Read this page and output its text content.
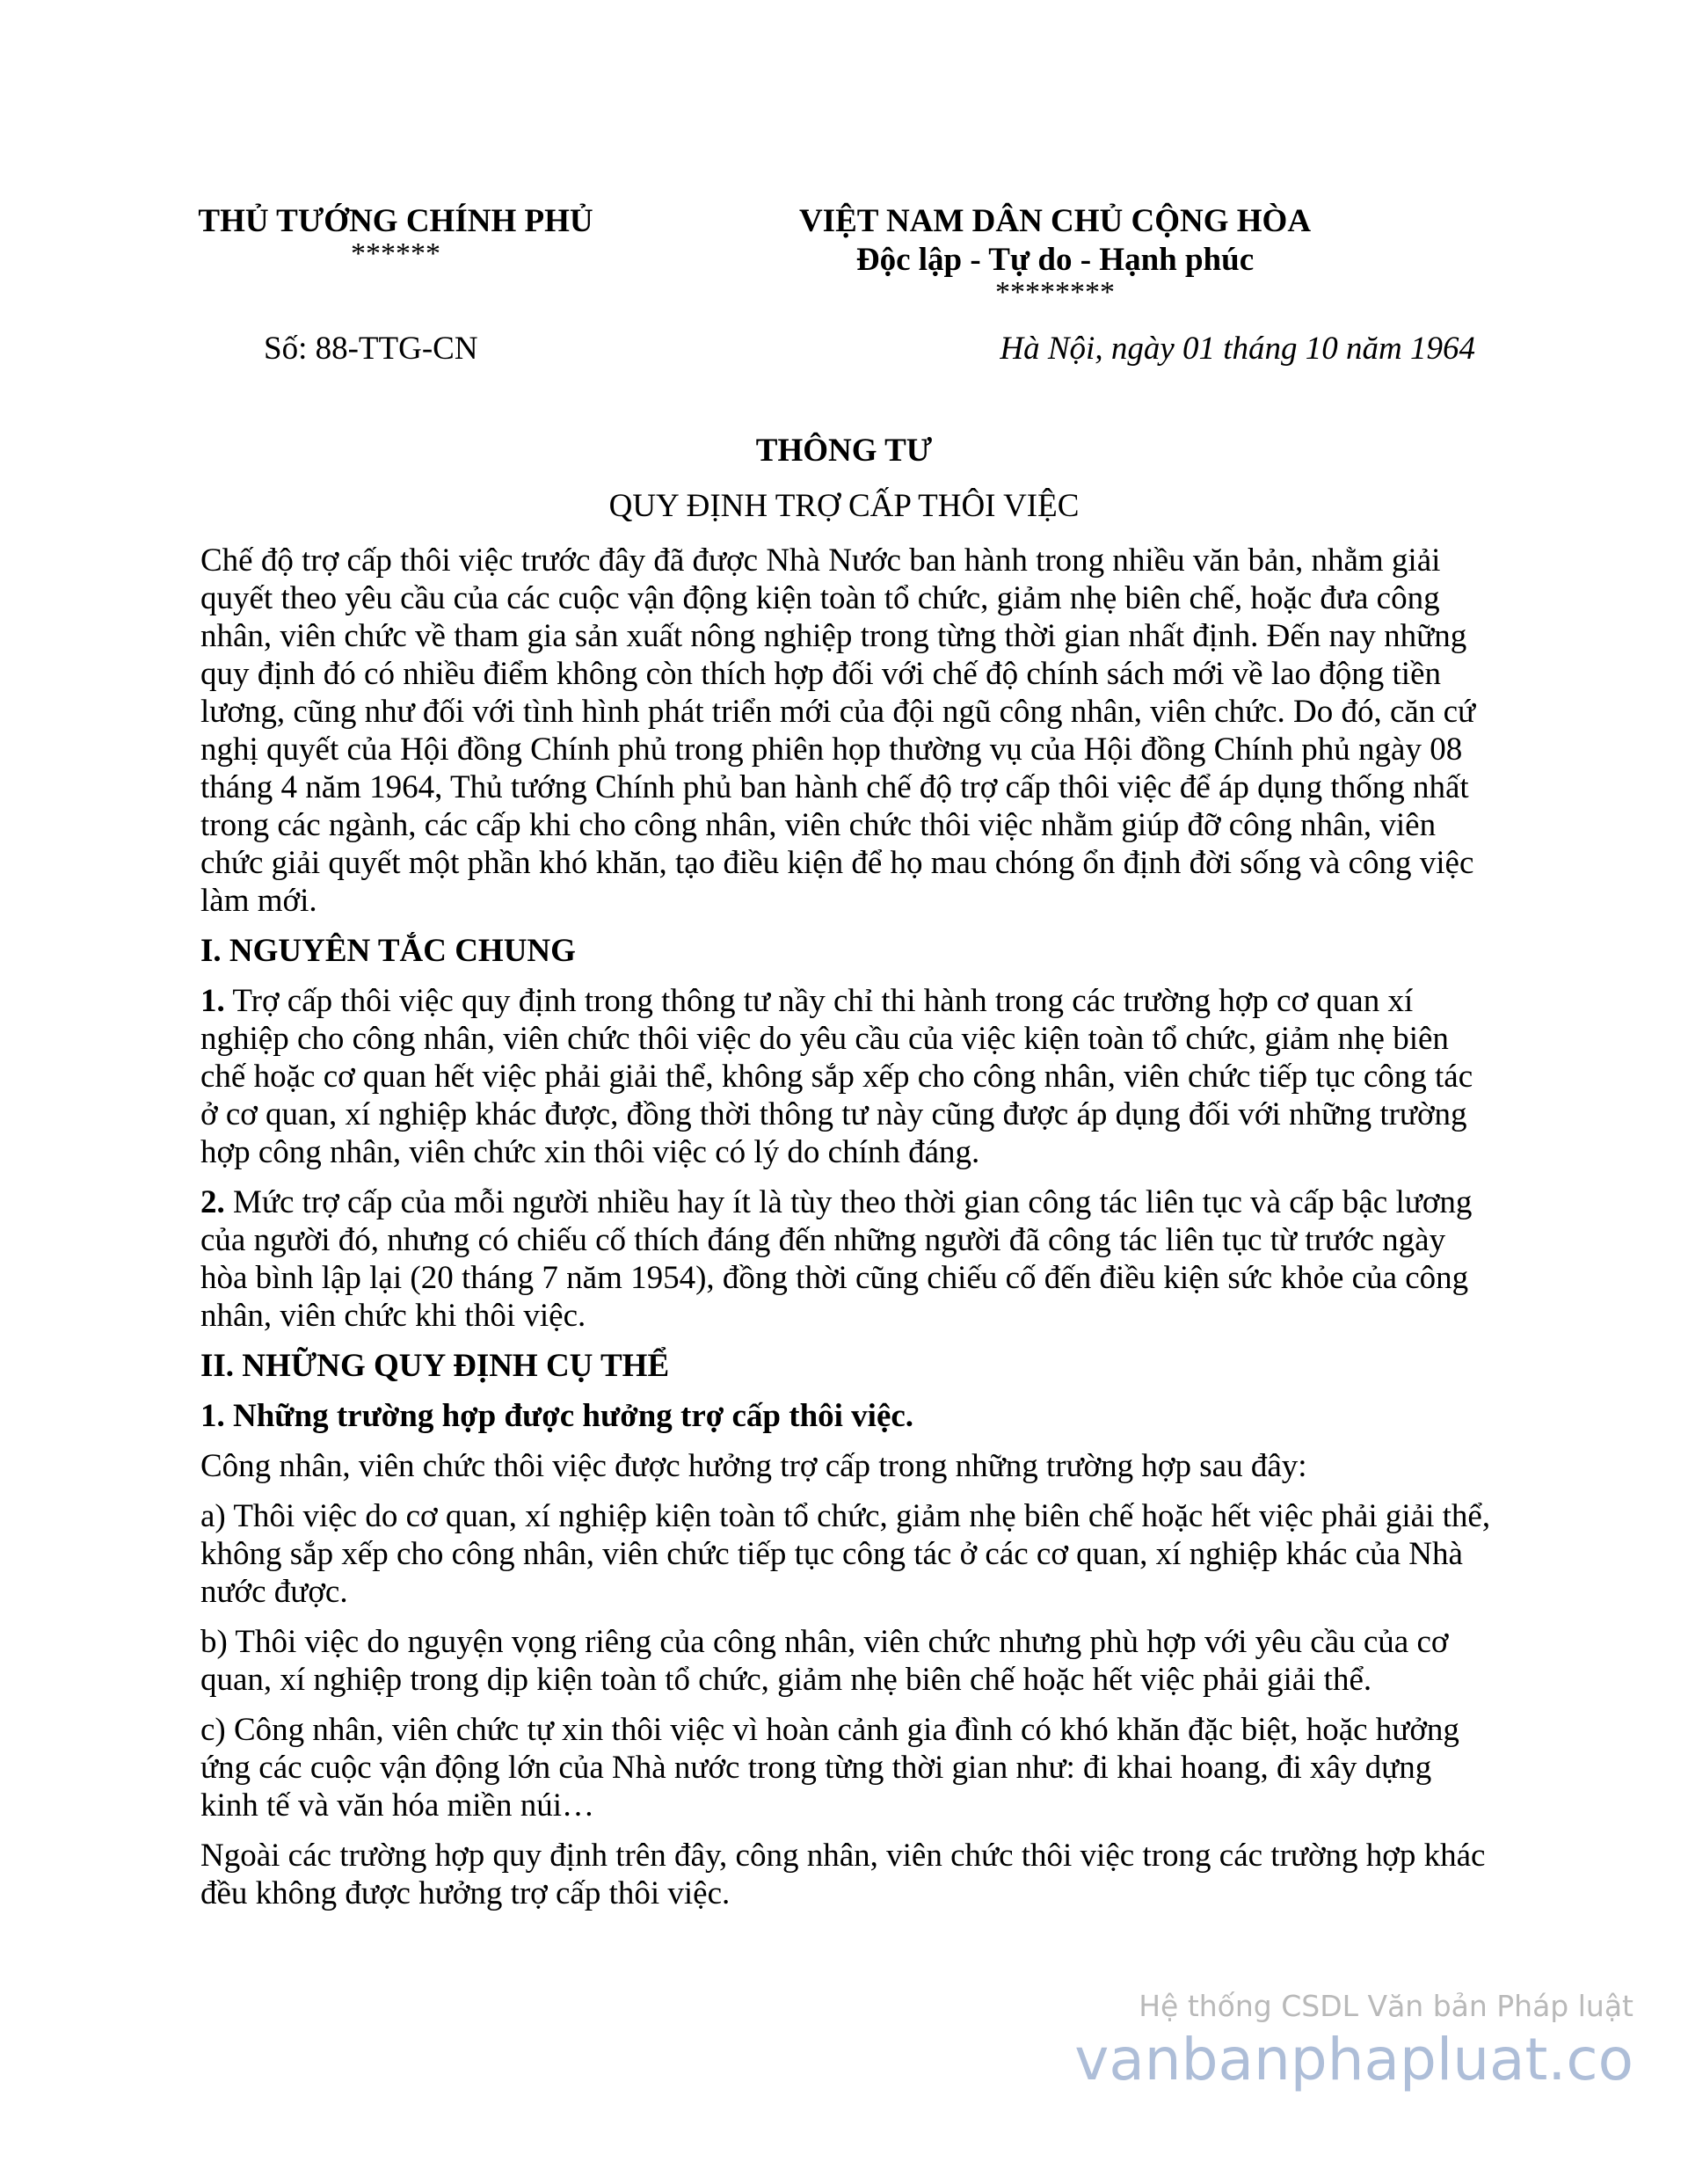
THỦ TƯỚNG CHÍNH PHỦ
******
VIỆT NAM DÂN CHỦ CỘNG HÒA
Độc lập - Tự do - Hạnh phúc
********
Số: 88-TTG-CN	Hà Nội, ngày 01 tháng 10 năm 1964
THÔNG TƯ
QUY ĐỊNH TRỢ CẤP THÔI VIỆC

Chế độ trợ cấp thôi việc trước đây đã được Nhà Nước ban hành trong nhiều văn bản, nhằm giải quyết theo yêu cầu của các cuộc vận động kiện toàn tổ chức, giảm nhẹ biên chế, hoặc đưa công nhân, viên chức về tham gia sản xuất nông nghiệp trong từng thời gian nhất định. Đến nay những quy định đó có nhiều điểm không còn thích hợp đối với chế độ chính sách mới về lao động tiền lương, cũng như đối với tình hình phát triển mới của đội ngũ công nhân, viên chức. Do đó, căn cứ nghị quyết của Hội đồng Chính phủ trong phiên họp thường vụ của Hội đồng Chính phủ ngày 08 tháng 4 năm 1964, Thủ tướng Chính phủ ban hành chế độ trợ cấp thôi việc để áp dụng thống nhất trong các ngành, các cấp khi cho công nhân, viên chức thôi việc nhằm giúp đỡ công nhân, viên chức giải quyết một phần khó khăn, tạo điều kiện để họ mau chóng ổn định đời sống và công việc làm mới.

I. NGUYÊN TẮC CHUNG

1. Trợ cấp thôi việc quy định trong thông tư nầy chỉ thi hành trong các trường hợp cơ quan xí nghiệp cho công nhân, viên chức thôi việc do yêu cầu của việc kiện toàn tổ chức, giảm nhẹ biên chế hoặc cơ quan hết việc phải giải thể, không sắp xếp cho công nhân, viên chức tiếp tục công tác ở cơ quan, xí nghiệp khác được, đồng thời thông tư này cũng được áp dụng đối với những trường hợp công nhân, viên chức xin thôi việc có lý do chính đáng.

2. Mức trợ cấp của mỗi người nhiều hay ít là tùy theo thời gian công tác liên tục và cấp bậc lương của người đó, nhưng có chiếu cố thích đáng đến những người đã công tác liên tục từ trước ngày hòa bình lập lại (20 tháng 7 năm 1954), đồng thời cũng chiếu cố đến điều kiện sức khỏe của công nhân, viên chức khi thôi việc.

II. NHỮNG QUY ĐỊNH CỤ THỂ
1. Những trường hợp được hưởng trợ cấp thôi việc.

Công nhân, viên chức thôi việc được hưởng trợ cấp trong những trường hợp sau đây:

a) Thôi việc do cơ quan, xí nghiệp kiện toàn tổ chức, giảm nhẹ biên chế hoặc hết việc phải giải thể, không sắp xếp cho công nhân, viên chức tiếp tục công tác ở các cơ quan, xí nghiệp khác của Nhà nước được.

b) Thôi việc do nguyện vọng riêng của công nhân, viên chức nhưng phù hợp với yêu cầu của cơ quan, xí nghiệp trong dịp kiện toàn tổ chức, giảm nhẹ biên chế hoặc hết việc phải giải thể.

c) Công nhân, viên chức tự xin thôi việc vì hoàn cảnh gia đình có khó khăn đặc biệt, hoặc hưởng ứng các cuộc vận động lớn của Nhà nước trong từng thời gian như: đi khai hoang, đi xây dựng kinh tế và văn hóa miền núi…

Ngoài các trường hợp quy định trên đây, công nhân, viên chức thôi việc trong các trường hợp khác đều không được hưởng trợ cấp thôi việc.

Hệ thống CSDL Văn bản Pháp luật
vanbanphapluat.co
